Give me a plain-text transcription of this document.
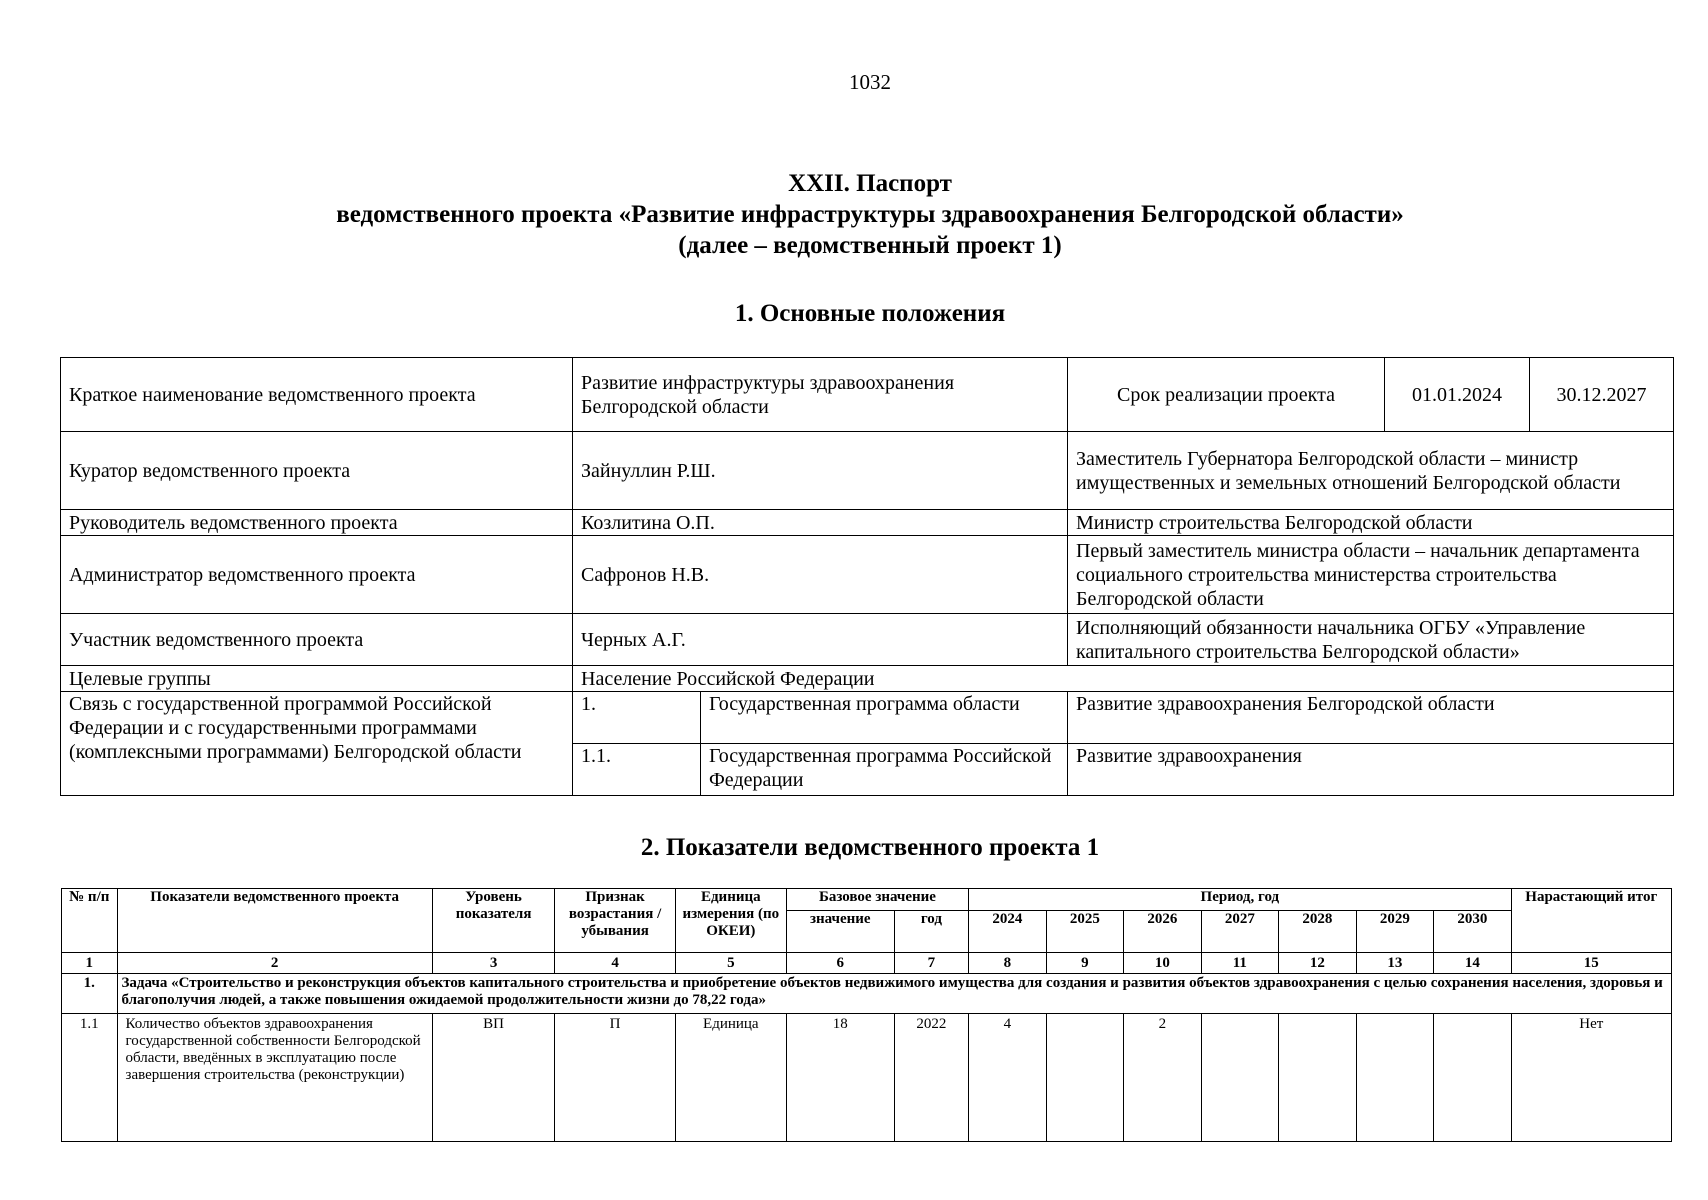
1032
XXII. Паспорт
ведомственного проекта «Развитие инфраструктуры здравоохранения Белгородской области»
(далее – ведомственный проект 1)
1. Основные положения
Краткое наименование ведомственного проекта	Развитие инфраструктуры здравоохранения Белгородской области		Срок реализации проекта	01.01.2024	30.12.2027
Куратор ведомственного проекта	Зайнуллин Р.Ш.		Заместитель Губернатора Белгородской области – министр имущественных и земельных отношений Белгородской области		
Руководитель ведомственного проекта	Козлитина О.П.		Министр строительства Белгородской области		
Администратор ведомственного проекта	Сафронов Н.В.		Первый заместитель министра области – начальник департамента социального строительства министерства строительства Белгородской области		
Участник ведомственного проекта	Черных А.Г.		Исполняющий обязанности начальника ОГБУ «Управление капитального строительства Белгородской области»		
Целевые группы	Население Российской Федерации				
Связь с государственной программой Российской Федерации и с государственными программами (комплексными программами) Белгородской области	1.	Государственная программа области	Развитие здравоохранения Белгородской области		
	1.1.	Государственная программа Российской Федерации	Развитие здравоохранения		
2. Показатели ведомственного проекта 1
№ п/п	Показатели ведомственного проекта	Уровень показателя	Признак возрастания / убывания	Единица измерения (по ОКЕИ)	Базовое значение		Период, год							Нарастающий итог
					значение	год	2024	2025	2026	2027	2028	2029	2030	
1	2	3	4	5	6	7	8	9	10	11	12	13	14	15
1.	Задача «Строительство и реконструкция объектов капитального строительства и приобретение объектов недвижимого имущества для создания и развития объектов здравоохранения с целью сохранения населения, здоровья и благополучия людей, а также повышения ожидаемой продолжительности жизни до 78,22 года»													
1.1	Количество объектов здравоохранения государственной собственности Белгородской области, введённых в эксплуатацию после завершения строительства (реконструкции)	ВП	П	Единица	18	2022	4		2					Нет
